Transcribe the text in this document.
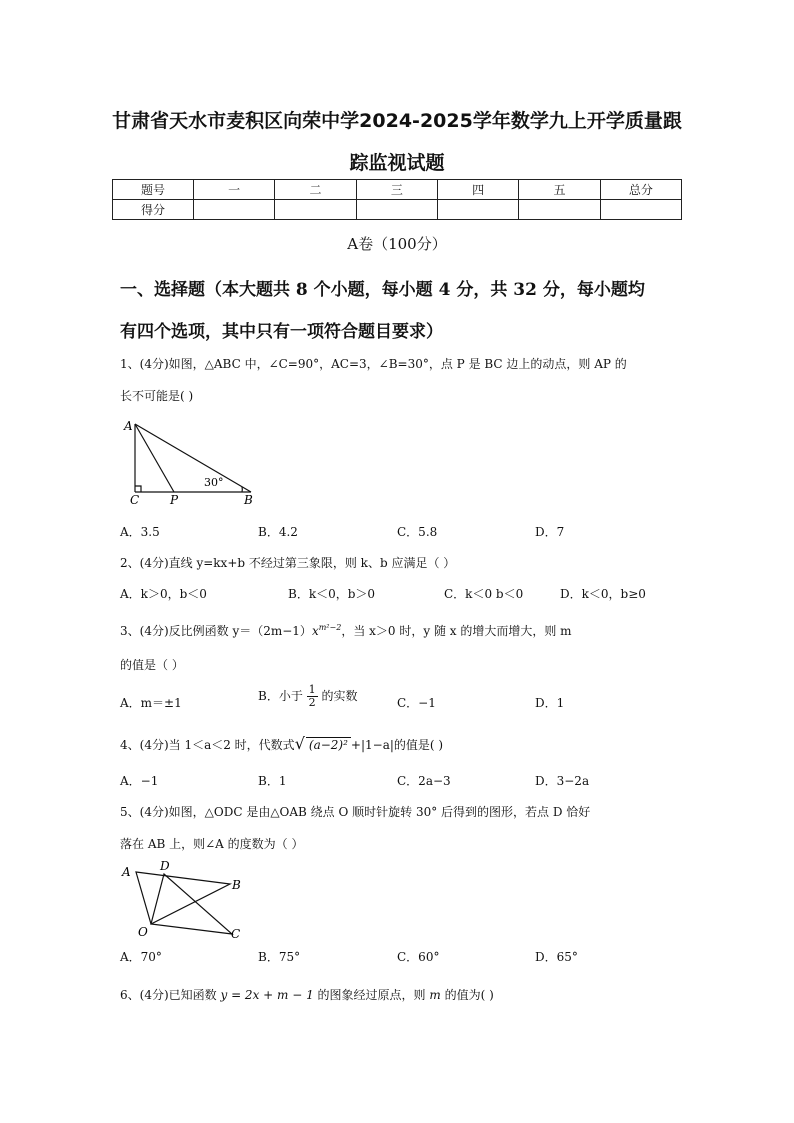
甘肃省天水市麦积区向荣中学2024-2025学年数学九上开学质量跟
踪监视试题
题号	一	二	三	四	五	总分
得分						
A卷（100分）
一、选择题（本大题共 8 个小题，每小题 4 分，共 32 分，每小题均
有四个选项，其中只有一项符合题目要求）
1、(4分)如图，△ABC 中，∠C=90°，AC=3，∠B=30°，点 P 是 BC 边上的动点，则 AP 的
长不可能是( )
A
C	P	B
30°
A．3.5	B．4.2	C．5.8	D．7
2、(4分)直线 y=kx+b 不经过第三象限，则 k、b 应满足（ ）
A．k＞0，b＜0	B．k＜0，b＞0	C．k＜0 b＜0	D．k＜0，b≥0
3、(4分)反比例函数 $y=(2m-1)x^{m^2-2}$，当 x＞0 时，y 随 x 的增大而增大，则 m
的值是（ ）
A．m＝±1	B．小于 $\frac{1}{2}$ 的实数	C．−1	D．1
4、(4分)当 1＜a＜2 时，代数式√ (a−2)² +|1−a|的值是( )
A．−1	B．1	C．2a−3	D．3−2a
5、(4分)如图，△ODC 是由△OAB 绕点 O 顺时针旋转 30° 后得到的图形，若点 D 恰好
落在 AB 上，则∠A 的度数为（ ）
A D
B
O	C
A．70°	B．75°	C．60°	D．65°
6、(4分)已知函数 y = 2x + m − 1 的图象经过原点，则 m 的值为( )
